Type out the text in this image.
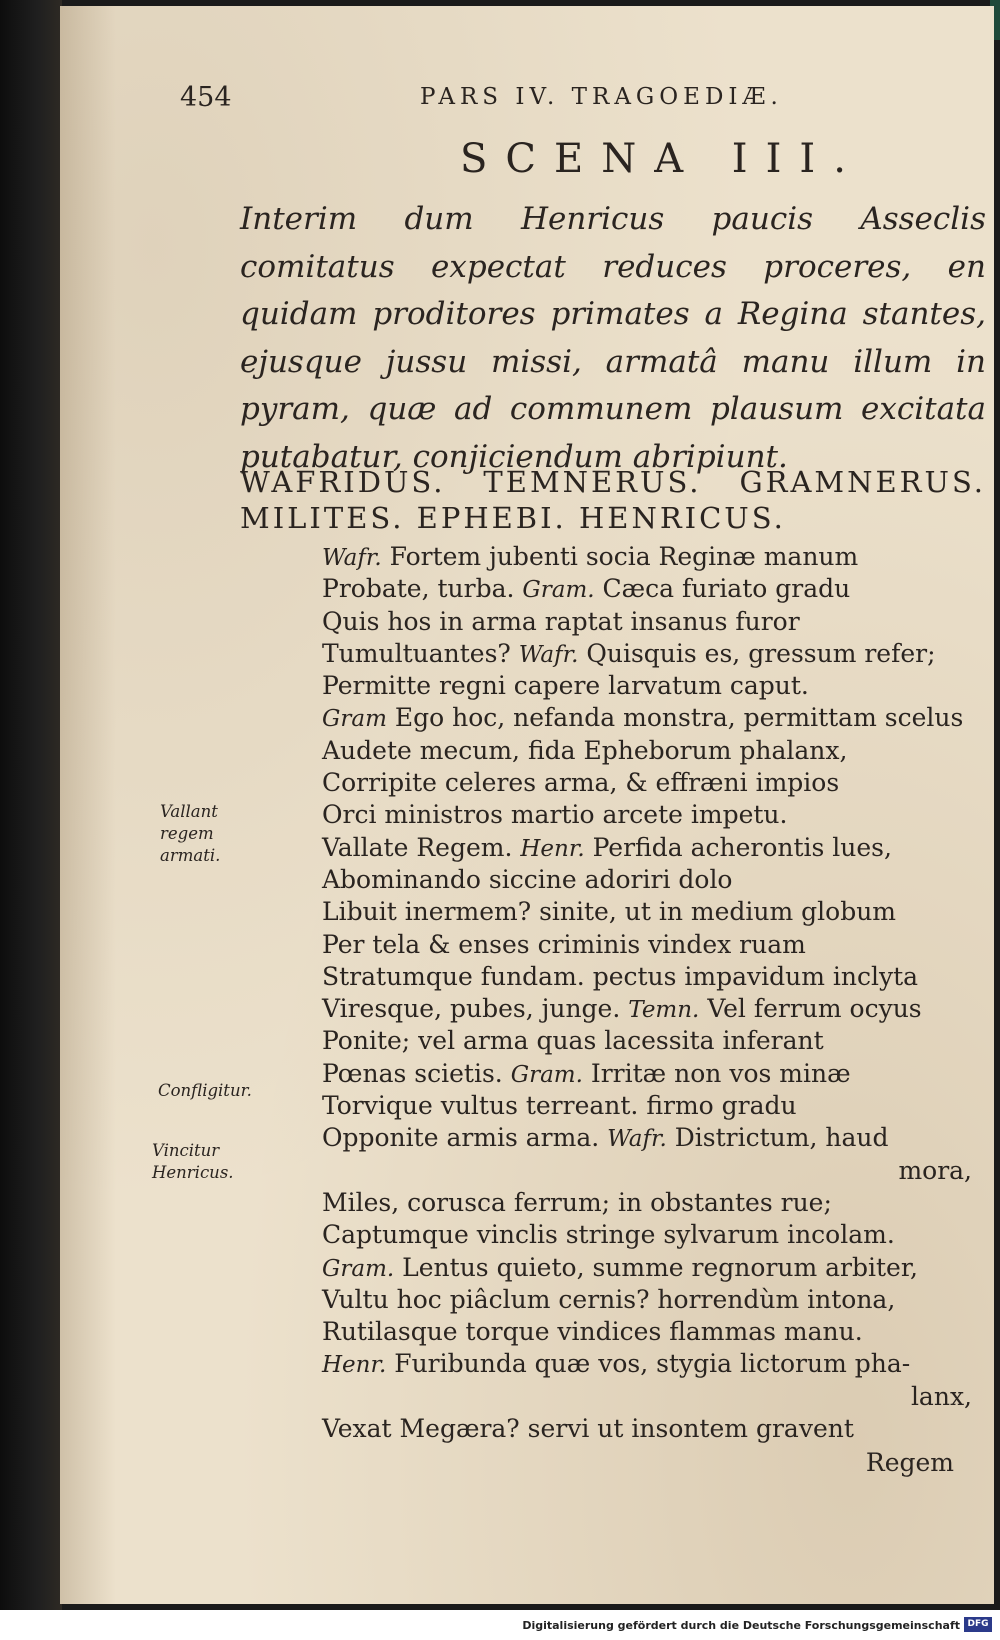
454	PARS IV. TRAGOEDIÆ.
SCENA III.
Interim dum Henricus paucis Asseclis comitatus expectat reduces proceres, en quidam proditores primates a Regina stantes, ejusque jussu missi, armatâ manu illum in pyram, quæ ad communem plausum excitata putabatur, conjiciendum abripiunt.
WAFRIDUS. TEMNERUS. GRAMNERUS. MILITES. EPHEBI. HENRICUS.
Vallant regem armati.
Confligitur.
Vincitur Henricus.
Wafr. Fortem jubenti socia Reginæ manum
Probate, turba. Gram. Cæca furiato gradu
Quis hos in arma raptat insanus furor
Tumultuantes? Wafr. Quisquis es, gressum refer;
Permitte regni capere larvatum caput.
Gram Ego hoc, nefanda monstra, permittam scelus
Audete mecum, fida Epheborum phalanx,
Corripite celeres arma, & effræni impios
Orci ministros martio arcete impetu.
Vallate Regem. Henr. Perfida acherontis lues,
Abominando siccine adoriri dolo
Libuit inermem? sinite, ut in medium globum
Per tela & enses criminis vindex ruam
Stratumque fundam. pectus impavidum inclyta
Viresque, pubes, junge. Temn. Vel ferrum ocyus
Ponite; vel arma quas lacessita inferant
Pœnas scietis. Gram. Irritæ non vos minæ
Torvique vultus terreant. firmo gradu
Opponite armis arma. Wafr. Districtum, haud
mora,
Miles, corusca ferrum; in obstantes rue;
Captumque vinclis stringe sylvarum incolam.
Gram. Lentus quieto, summe regnorum arbiter,
Vultu hoc piâclum cernis? horrendùm intona,
Rutilasque torque vindices flammas manu.
Henr. Furibunda quæ vos, stygia lictorum pha-
lanx,
Vexat Megæra? servi ut insontem gravent
Regem
Digitalisierung gefördert durch die Deutsche Forschungsgemeinschaft DFG
